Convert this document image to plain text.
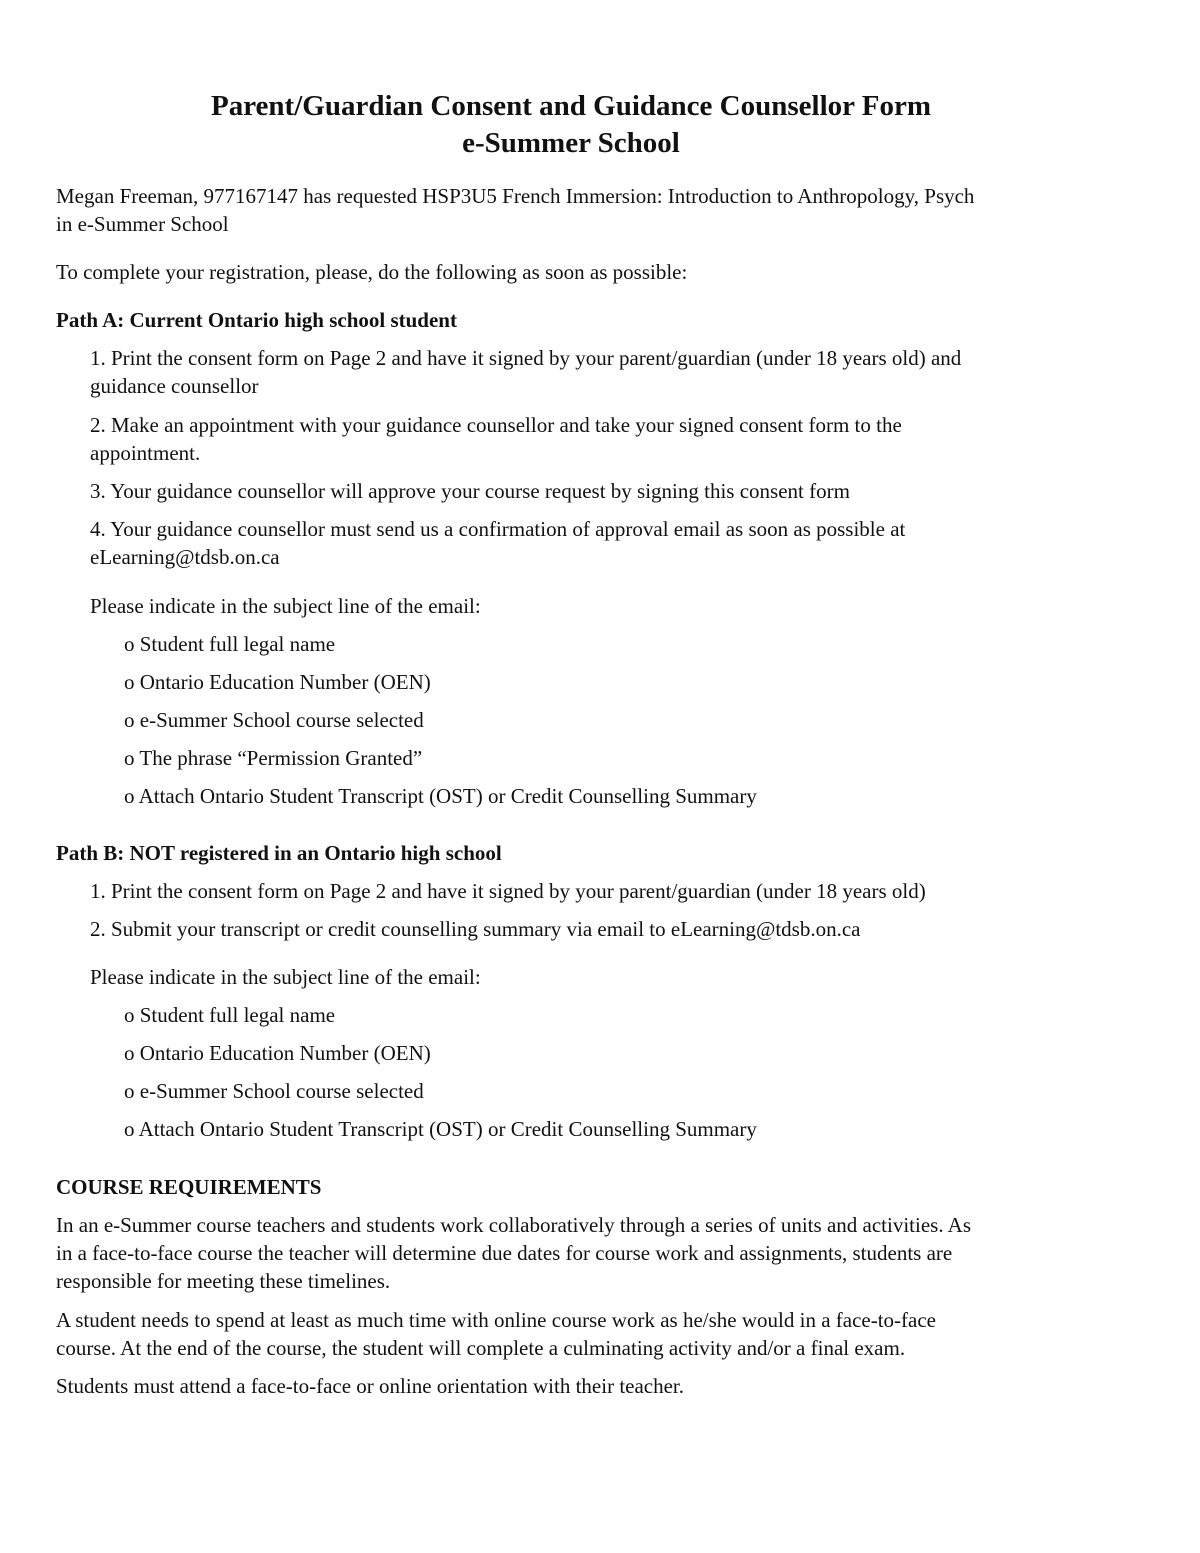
Parent/Guardian Consent and Guidance Counsellor Form
e-Summer School
Megan Freeman, 977167147 has requested HSP3U5 French Immersion: Introduction to Anthropology, Psych
in e-Summer School
To complete your registration, please, do the following as soon as possible:
Path A: Current Ontario high school student
1. Print the consent form on Page 2 and have it signed by your parent/guardian (under 18 years old) and
guidance counsellor
2. Make an appointment with your guidance counsellor and take your signed consent form to the
appointment.
3. Your guidance counsellor will approve your course request by signing this consent form
4. Your guidance counsellor must send us a confirmation of approval email as soon as possible at
eLearning@tdsb.on.ca
Please indicate in the subject line of the email:
o Student full legal name
o Ontario Education Number (OEN)
o e-Summer School course selected
o The phrase “Permission Granted”
o Attach Ontario Student Transcript (OST) or Credit Counselling Summary
Path B: NOT registered in an Ontario high school
1. Print the consent form on Page 2 and have it signed by your parent/guardian (under 18 years old)
2. Submit your transcript or credit counselling summary via email to eLearning@tdsb.on.ca
Please indicate in the subject line of the email:
o Student full legal name
o Ontario Education Number (OEN)
o e-Summer School course selected
o Attach Ontario Student Transcript (OST) or Credit Counselling Summary
COURSE REQUIREMENTS
In an e-Summer course teachers and students work collaboratively through a series of units and activities. As
in a face-to-face course the teacher will determine due dates for course work and assignments, students are
responsible for meeting these timelines.
A student needs to spend at least as much time with online course work as he/she would in a face-to-face
course. At the end of the course, the student will complete a culminating activity and/or a final exam.
Students must attend a face-to-face or online orientation with their teacher.
